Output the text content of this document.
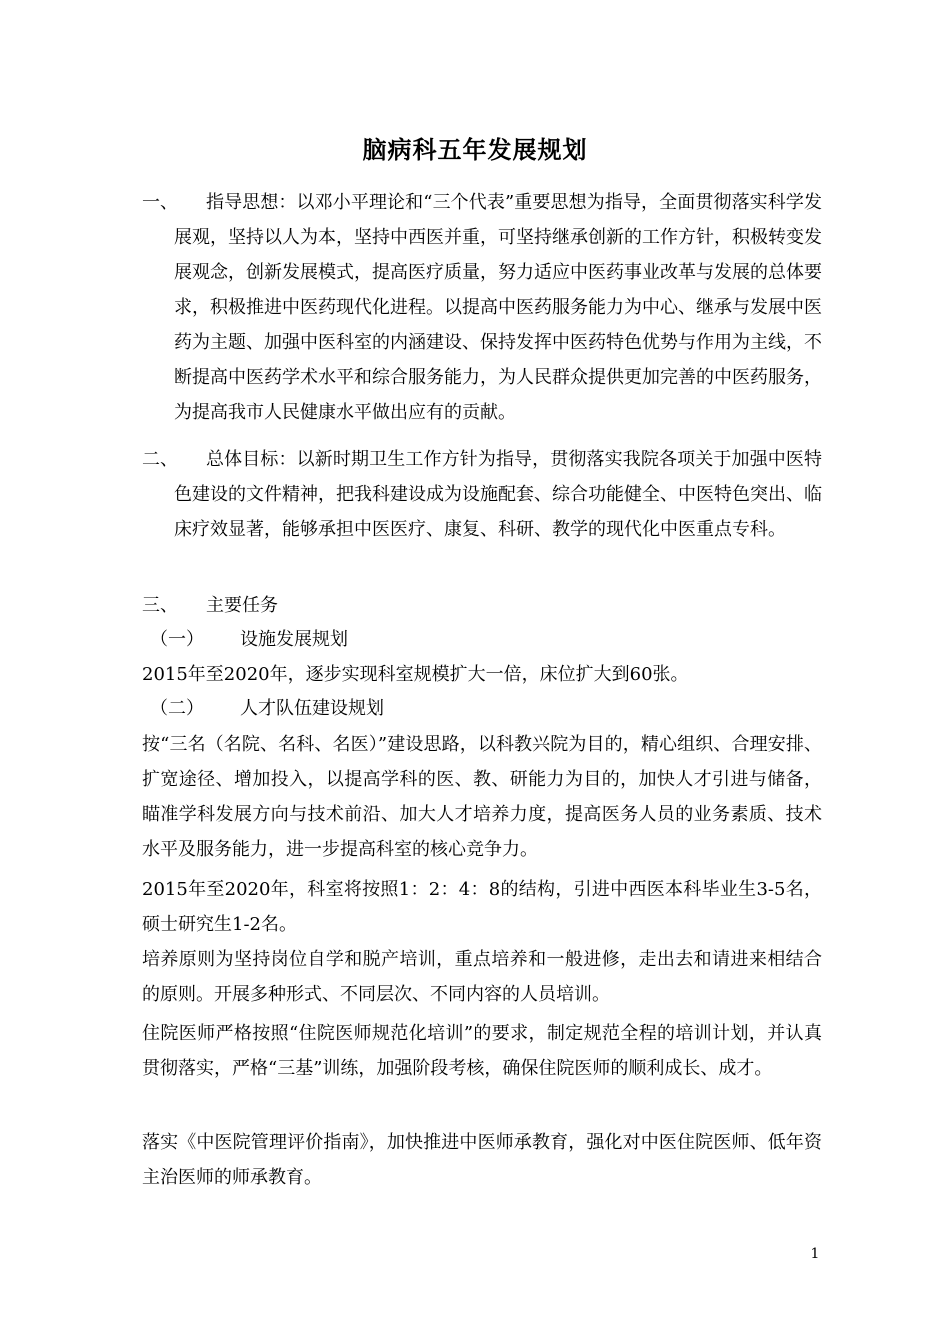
脑病科五年发展规划
一、	指导思想：以邓小平理论和“三个代表”重要思想为指导，全面贯彻落实科学发展观，坚持以人为本，坚持中西医并重，可坚持继承创新的工作方针，积极转变发展观念，创新发展模式，提高医疗质量，努力适应中医药事业改革与发展的总体要求，积极推进中医药现代化进程。以提高中医药服务能力为中心、继承与发展中医药为主题、加强中医科室的内涵建设、保持发挥中医药特色优势与作用为主线，不断提高中医药学术水平和综合服务能力，为人民群众提供更加完善的中医药服务，为提高我市人民健康水平做出应有的贡献。
二、	总体目标：以新时期卫生工作方针为指导，贯彻落实我院各项关于加强中医特色建设的文件精神，把我科建设成为设施配套、综合功能健全、中医特色突出、临床疗效显著，能够承担中医医疗、康复、科研、教学的现代化中医重点专科。
三、	主要任务
（一） 设施发展规划
2015年至2020年，逐步实现科室规模扩大一倍，床位扩大到60张。
（二） 人才队伍建设规划
按“三名（名院、名科、名医）”建设思路，以科教兴院为目的，精心组织、合理安排、扩宽途径、增加投入，以提高学科的医、教、研能力为目的，加快人才引进与储备，瞄准学科发展方向与技术前沿、加大人才培养力度，提高医务人员的业务素质、技术水平及服务能力，进一步提高科室的核心竞争力。
2015年至2020年，科室将按照1：2：4：8的结构，引进中西医本科毕业生3-5名，硕士研究生1-2名。
培养原则为坚持岗位自学和脱产培训，重点培养和一般进修，走出去和请进来相结合的原则。开展多种形式、不同层次、不同内容的人员培训。
住院医师严格按照“住院医师规范化培训”的要求，制定规范全程的培训计划，并认真贯彻落实，严格“三基”训练，加强阶段考核，确保住院医师的顺利成长、成才。
落实《中医院管理评价指南》，加快推进中医师承教育，强化对中医住院医师、低年资主治医师的师承教育。
1
